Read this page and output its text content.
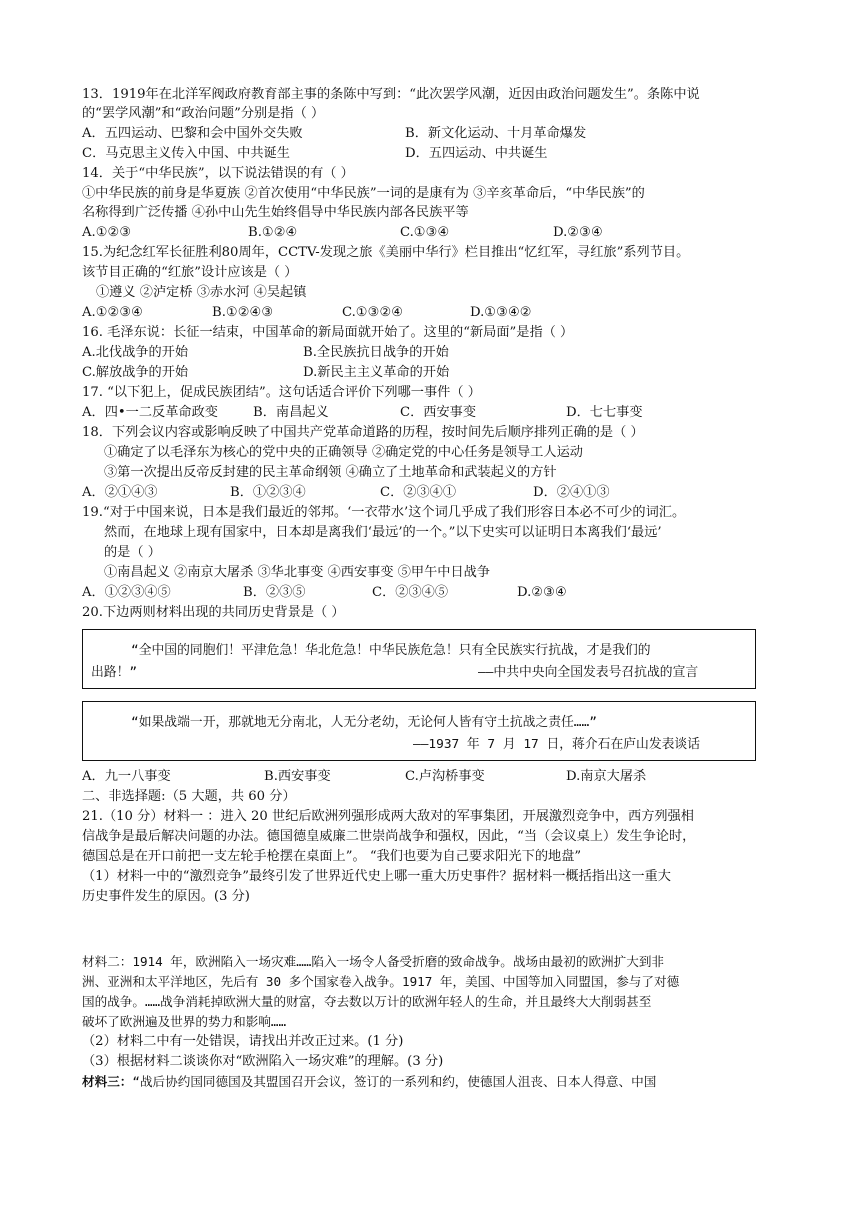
13．1919年在北洋军阀政府教育部主事的条陈中写到：“此次罢学风潮，近因由政治问题发生”。条陈中说
的“罢学风潮”和“政治问题”分别是指（ ）
A．五四运动、巴黎和会中国外交失败	B．新文化运动、十月革命爆发
C．马克思主义传入中国、中共诞生	D．五四运动、中共诞生
14．关于“中华民族”，以下说法错误的有（ ）
①中华民族的前身是华夏族 ②首次使用“中华民族”一词的是康有为 ③辛亥革命后，“中华民族”的
名称得到广泛传播 ④孙中山先生始终倡导中华民族内部各民族平等
A.①②③	B.①②④	C.①③④	D.②③④
15.为纪念红军长征胜利80周年，CCTV-发现之旅《美丽中华行》栏目推出“忆红军，寻红旅”系列节目。
该节目正确的“红旅”设计应该是（ ）
①遵义 ②泸定桥 ③赤水河 ④吴起镇
A.①②③④	B.①②④③	C.①③②④	D.①③④②
16. 毛泽东说：长征一结束，中国革命的新局面就开始了。这里的“新局面”是指（ ）
A.北伐战争的开始	B.全民族抗日战争的开始
C.解放战争的开始	D.新民主主义革命的开始
17. “以下犯上，促成民族团结”。这句话适合评价下列哪一事件（ ）
A．四•一二反革命政变	B．南昌起义	C．西安事变	D．七七事变
18．下列会议内容或影响反映了中国共产党革命道路的历程，按时间先后顺序排列正确的是（ ）
①确定了以毛泽东为核心的党中央的正确领导 ②确定党的中心任务是领导工人运动
③第一次提出反帝反封建的民主革命纲领 ④确立了土地革命和武装起义的方针
A．②①④③	B．①②③④	C．②③④①	D．②④①③
19.“对于中国来说，日本是我们最近的邻邦。‘一衣带水’这个词几乎成了我们形容日本必不可少的词汇。
然而，在地球上现有国家中，日本却是离我们‘最远’的一个。”以下史实可以证明日本离我们‘最远’
的是（ ）
①南昌起义 ②南京大屠杀 ③华北事变 ④西安事变 ⑤甲午中日战争
A．①②③④⑤	B．②③⑤	C．②③④⑤	D.②③④
20.下边两则材料出现的共同历史背景是（ ）
“全中国的同胞们！平津危急！华北危急！中华民族危急！只有全民族实行抗战，才是我们的
出路！”	——中共中央向全国发表号召抗战的宣言
“如果战端一开，那就地无分南北，人无分老幼，无论何人皆有守土抗战之责任……”
——1937 年 7 月 17 日，蒋介石在庐山发表谈话
A．九一八事变	B.西安事变	C.卢沟桥事变	D.南京大屠杀
二、非选择题:（5 大题，共 60 分）
21.（10 分）材料一 ：进入 20 世纪后欧洲列强形成两大敌对的军事集团，开展激烈竞争中，西方列强相
信战争是最后解决问题的办法。德国德皇威廉二世崇尚战争和强权，因此，“当（会议桌上）发生争论时，
德国总是在开口前把一支左轮手枪摆在桌面上”。 “我们也要为自己要求阳光下的地盘”
（1）材料一中的“激烈竞争”最终引发了世界近代史上哪一重大历史事件？据材料一概括指出这一重大
历史事件发生的原因。(3 分)
材料二：1914 年，欧洲陷入一场灾难……陷入一场令人备受折磨的致命战争。战场由最初的欧洲扩大到非
洲、亚洲和太平洋地区，先后有 30 多个国家卷入战争。1917 年，美国、中国等加入同盟国，参与了对德
国的战争。……战争消耗掉欧洲大量的财富，夺去数以万计的欧洲年轻人的生命，并且最终大大削弱甚至
破坏了欧洲遍及世界的势力和影响……
（2）材料二中有一处错误，请找出并改正过来。(1 分)
（3）根据材料二谈谈你对“欧洲陷入一场灾难”的理解。(3 分)
材料三：“战后协约国同德国及其盟国召开会议，签订的一系列和约，使德国人沮丧、日本人得意、中国
